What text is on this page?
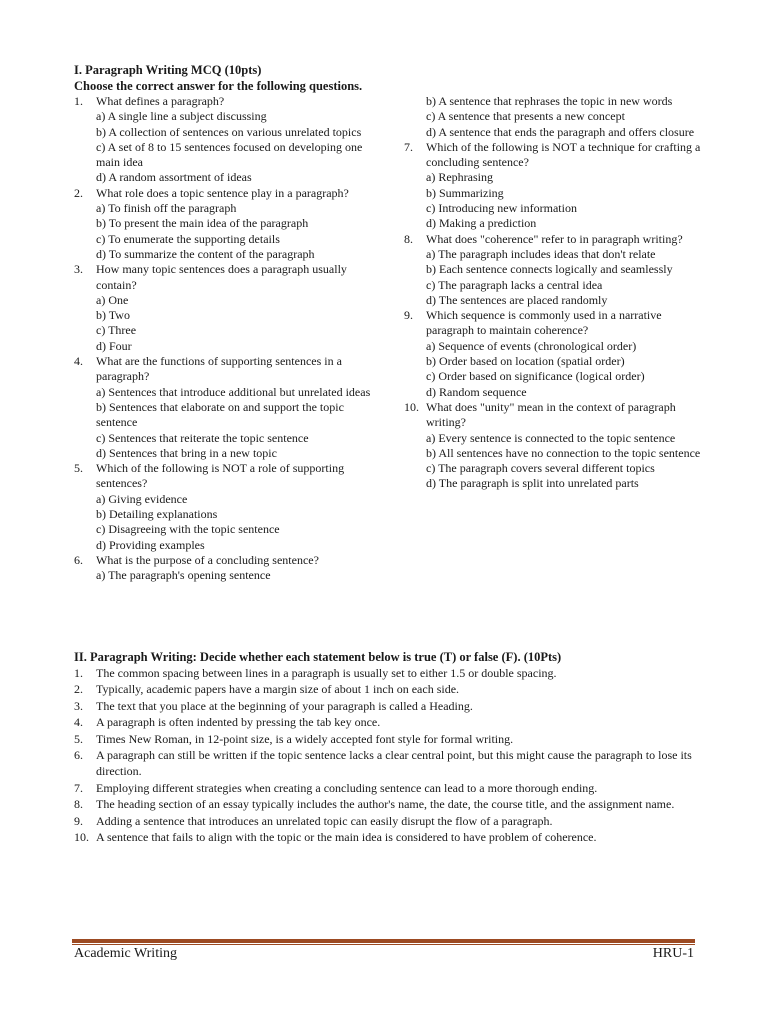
I. Paragraph Writing MCQ (10pts)
Choose the correct answer for the following questions.
1. What defines a paragraph?
a) A single line a subject discussing
b) A collection of sentences on various unrelated topics
c) A set of 8 to 15 sentences focused on developing one main idea
d) A random assortment of ideas
2. What role does a topic sentence play in a paragraph?
a) To finish off the paragraph
b) To present the main idea of the paragraph
c) To enumerate the supporting details
d) To summarize the content of the paragraph
3. How many topic sentences does a paragraph usually contain?
a) One
b) Two
c) Three
d) Four
4. What are the functions of supporting sentences in a paragraph?
a) Sentences that introduce additional but unrelated ideas
b) Sentences that elaborate on and support the topic sentence
c) Sentences that reiterate the topic sentence
d) Sentences that bring in a new topic
5. Which of the following is NOT a role of supporting sentences?
a) Giving evidence
b) Detailing explanations
c) Disagreeing with the topic sentence
d) Providing examples
6. What is the purpose of a concluding sentence?
a) The paragraph's opening sentence
b) A sentence that rephrases the topic in new words
c) A sentence that presents a new concept
d) A sentence that ends the paragraph and offers closure
7. Which of the following is NOT a technique for crafting a concluding sentence?
a) Rephrasing
b) Summarizing
c) Introducing new information
d) Making a prediction
8. What does "coherence" refer to in paragraph writing?
a) The paragraph includes ideas that don't relate
b) Each sentence connects logically and seamlessly
c) The paragraph lacks a central idea
d) The sentences are placed randomly
9. Which sequence is commonly used in a narrative paragraph to maintain coherence?
a) Sequence of events (chronological order)
b) Order based on location (spatial order)
c) Order based on significance (logical order)
d) Random sequence
10. What does "unity" mean in the context of paragraph writing?
a) Every sentence is connected to the topic sentence
b) All sentences have no connection to the topic sentence
c) The paragraph covers several different topics
d) The paragraph is split into unrelated parts
II. Paragraph Writing: Decide whether each statement below is true (T) or false (F). (10Pts)
1. The common spacing between lines in a paragraph is usually set to either 1.5 or double spacing.
2. Typically, academic papers have a margin size of about 1 inch on each side.
3. The text that you place at the beginning of your paragraph is called a Heading.
4. A paragraph is often indented by pressing the tab key once.
5. Times New Roman, in 12-point size, is a widely accepted font style for formal writing.
6. A paragraph can still be written if the topic sentence lacks a clear central point, but this might cause the paragraph to lose its direction.
7. Employing different strategies when creating a concluding sentence can lead to a more thorough ending.
8. The heading section of an essay typically includes the author's name, the date, the course title, and the assignment name.
9. Adding a sentence that introduces an unrelated topic can easily disrupt the flow of a paragraph.
10. A sentence that fails to align with the topic or the main idea is considered to have problem of coherence.
Academic Writing	HRU-1
